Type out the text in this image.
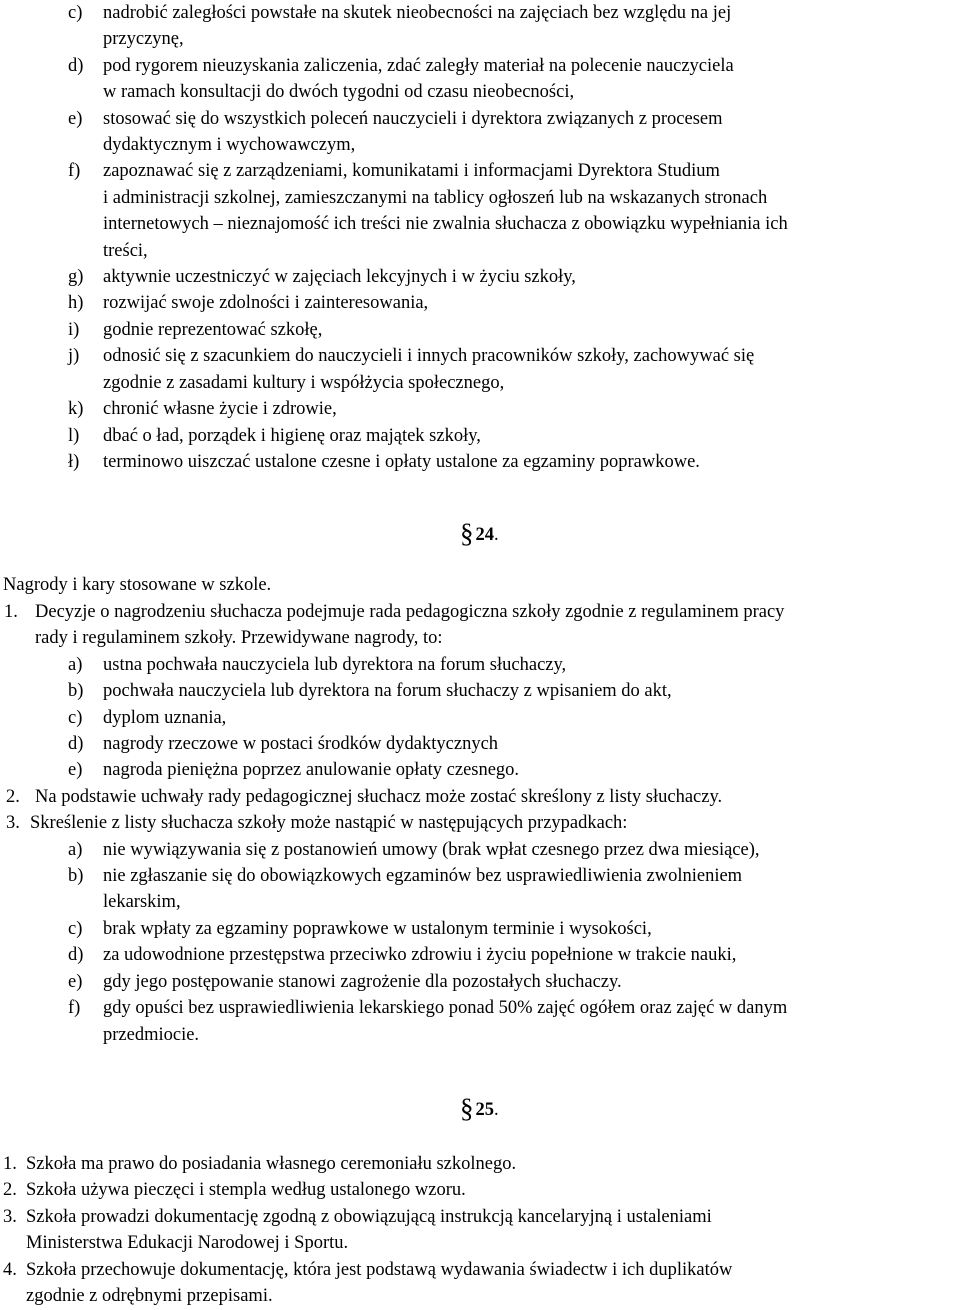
c)	nadrobić zaległości powstałe na skutek nieobecności na zajęciach bez względu na jej
przyczynę,
d)	pod rygorem nieuzyskania zaliczenia, zdać zaległy materiał na polecenie nauczyciela
w ramach konsultacji do dwóch tygodni od czasu nieobecności,
e)	stosować się do wszystkich poleceń nauczycieli i dyrektora związanych z procesem
dydaktycznym i wychowawczym,
f)	zapoznawać się z zarządzeniami, komunikatami i informacjami Dyrektora Studium
i administracji szkolnej, zamieszczanymi na tablicy ogłoszeń lub na wskazanych stronach
internetowych – nieznajomość ich treści nie zwalnia słuchacza z obowiązku wypełniania ich
treści,
g)	aktywnie uczestniczyć w zajęciach lekcyjnych i w życiu szkoły,
h)	rozwijać swoje zdolności i zainteresowania,
i)	godnie reprezentować szkołę,
j)	odnosić się z szacunkiem do nauczycieli i innych pracowników szkoły, zachowywać się
zgodnie z zasadami kultury i współżycia społecznego,
k)	chronić własne życie i zdrowie,
l)	dbać o ład, porządek i higienę oraz majątek szkoły,
ł)	terminowo uiszczać ustalone czesne i opłaty ustalone za egzaminy poprawkowe.
§ 24.
Nagrody i kary stosowane w szkole.
1. Decyzje o nagrodzeniu słuchacza podejmuje rada pedagogiczna szkoły zgodnie z regulaminem pracy
rady i regulaminem szkoły. Przewidywane nagrody, to:
a)	ustna pochwała nauczyciela lub dyrektora na forum słuchaczy,
b)	pochwała nauczyciela lub dyrektora na forum słuchaczy z wpisaniem do akt,
c)	dyplom uznania,
d)	nagrody rzeczowe w postaci środków dydaktycznych
e)	nagroda pieniężna poprzez anulowanie opłaty czesnego.
2. Na podstawie uchwały rady pedagogicznej słuchacz może zostać skreślony z listy słuchaczy.
3. Skreślenie z listy słuchacza szkoły może nastąpić w następujących przypadkach:
a)	nie wywiązywania się z postanowień umowy (brak wpłat czesnego przez dwa miesiące),
b)	nie zgłaszanie się do obowiązkowych egzaminów bez usprawiedliwienia zwolnieniem
lekarskim,
c)	brak wpłaty za egzaminy poprawkowe w ustalonym terminie i wysokości,
d)	za udowodnione przestępstwa przeciwko zdrowiu i życiu popełnione w trakcie nauki,
e)	gdy jego postępowanie stanowi zagrożenie dla pozostałych słuchaczy.
f)	gdy opuści bez usprawiedliwienia lekarskiego ponad 50% zajęć ogółem oraz zajęć w danym
przedmiocie.
§ 25.
1. Szkoła ma prawo do posiadania własnego ceremoniału szkolnego.
2. Szkoła używa pieczęci i stempla według ustalonego wzoru.
3. Szkoła prowadzi dokumentację zgodną z obowiązującą instrukcją kancelaryjną i ustaleniami
Ministerstwa Edukacji Narodowej i Sportu.
4. Szkoła przechowuje dokumentację, która jest podstawą wydawania świadectw i ich duplikatów
zgodnie z odrębnymi przepisami.
